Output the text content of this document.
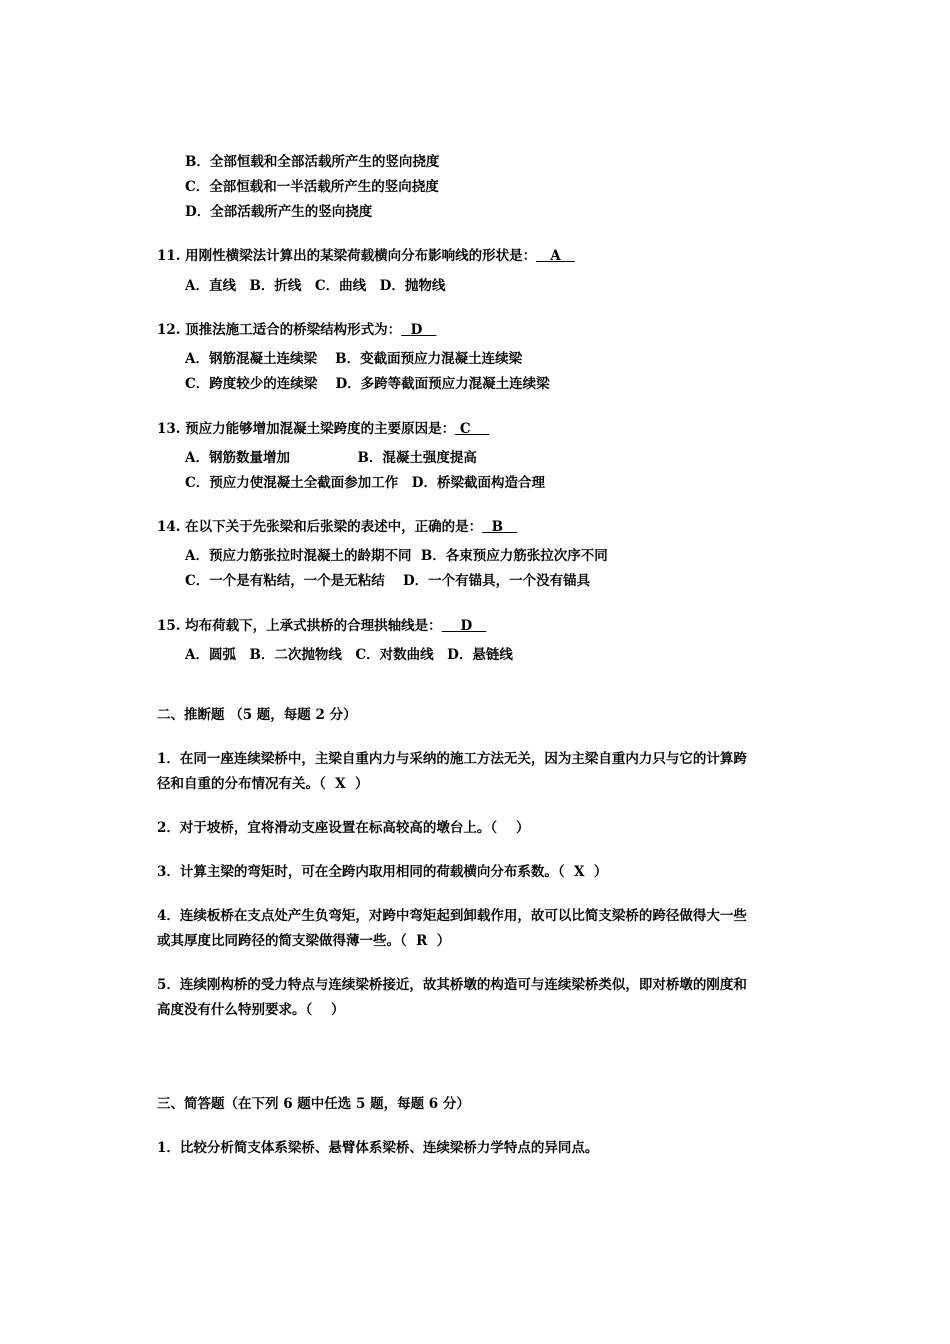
B．全部恒载和全部活载所产生的竖向挠度
C．全部恒载和一半活载所产生的竖向挠度
D．全部活载所产生的竖向挠度
11. 用刚性横梁法计算出的某梁荷载横向分布影响线的形状是：   A
A．直线　B．折线　C．曲线　D．抛物线
12. 顶推法施工适合的桥梁结构形式为：  D
A．钢筋混凝土连续梁　 B．变截面预应力混凝土连续梁
C．跨度较少的连续梁　 D．多跨等截面预应力混凝土连续梁
13. 预应力能够增加混凝土梁跨度的主要原因是： C
A．钢筋数量增加　　　　　B．混凝土强度提高
C．预应力使混凝土全截面参加工作　D．桥梁截面构造合理
14. 在以下关于先张梁和后张梁的表述中，正确的是：  B
A．预应力筋张拉时混凝土的龄期不同  B．各束预应力筋张拉次序不同
C．一个是有粘结，一个是无粘结　 D．一个有锚具，一个没有锚具
15. 均布荷载下，上承式拱桥的合理拱轴线是：    D
A．圆弧　B．二次抛物线　C．对数曲线　D．悬链线
二、推断题 （5 题，每题 2 分）
1．在同一座连续梁桥中，主梁自重内力与采纳的施工方法无关，因为主梁自重内力只与它的计算跨
径和自重的分布情况有关。（  X  ）
2．对于坡桥，宜将滑动支座设置在标高较高的墩台上。（    ）
3．计算主梁的弯矩时，可在全跨内取用相同的荷载横向分布系数。（  X  ）
4．连续板桥在支点处产生负弯矩，对跨中弯矩起到卸载作用，故可以比简支梁桥的跨径做得大一些
或其厚度比同跨径的简支梁做得薄一些。（  R  ）
5．连续刚构桥的受力特点与连续梁桥接近，故其桥墩的构造可与连续梁桥类似，即对桥墩的刚度和
高度没有什么特别要求。（    ）
三、简答题（在下列 6 题中任选 5 题，每题 6 分）
1．比较分析简支体系梁桥、悬臂体系梁桥、连续梁桥力学特点的异同点。
